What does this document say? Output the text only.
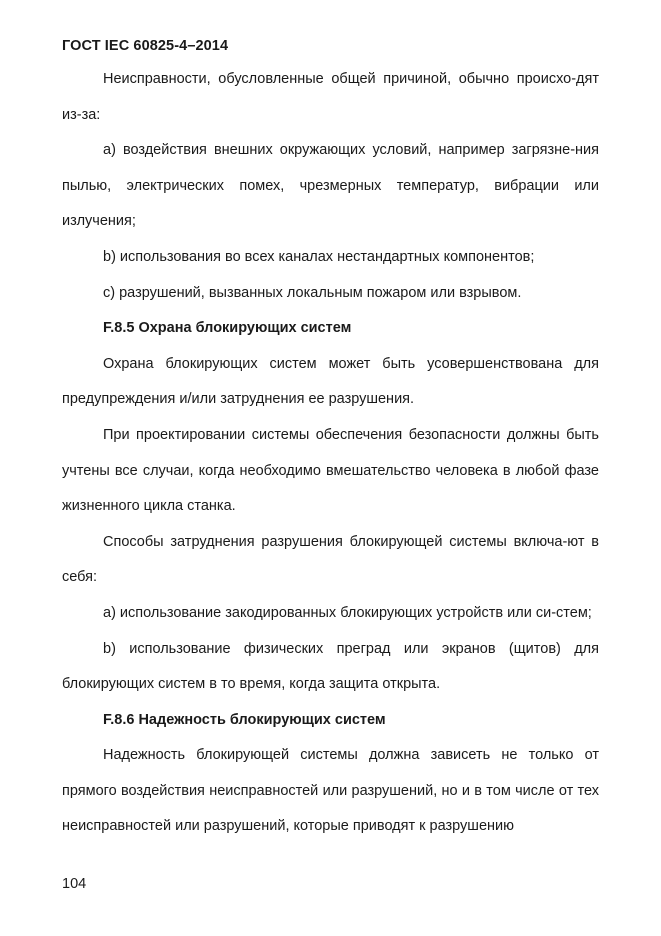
ГОСТ IEC 60825-4–2014

Неисправности, обусловленные общей причиной, обычно происхо-дят из-за:

а) воздействия внешних окружающих условий, например загрязне-ния пылью, электрических помех, чрезмерных температур, вибрации или излучения;

b) использования во всех каналах нестандартных компонентов;

с) разрушений, вызванных локальным пожаром или взрывом.

F.8.5 Охрана блокирующих систем

Охрана блокирующих систем может быть усовершенствована для предупреждения и/или затруднения ее разрушения.

При проектировании системы обеспечения безопасности должны быть учтены все случаи, когда необходимо вмешательство человека в любой фазе жизненного цикла станка.

Способы затруднения разрушения блокирующей системы включа-ют в себя:

а) использование закодированных блокирующих устройств или си-стем;

b) использование физических преград или экранов (щитов) для блокирующих систем в то время, когда защита открыта.

F.8.6 Надежность блокирующих систем

Надежность блокирующей системы должна зависеть не только от прямого воздействия неисправностей или разрушений, но и в том числе от тех неисправностей или разрушений, которые приводят к разрушению

104
